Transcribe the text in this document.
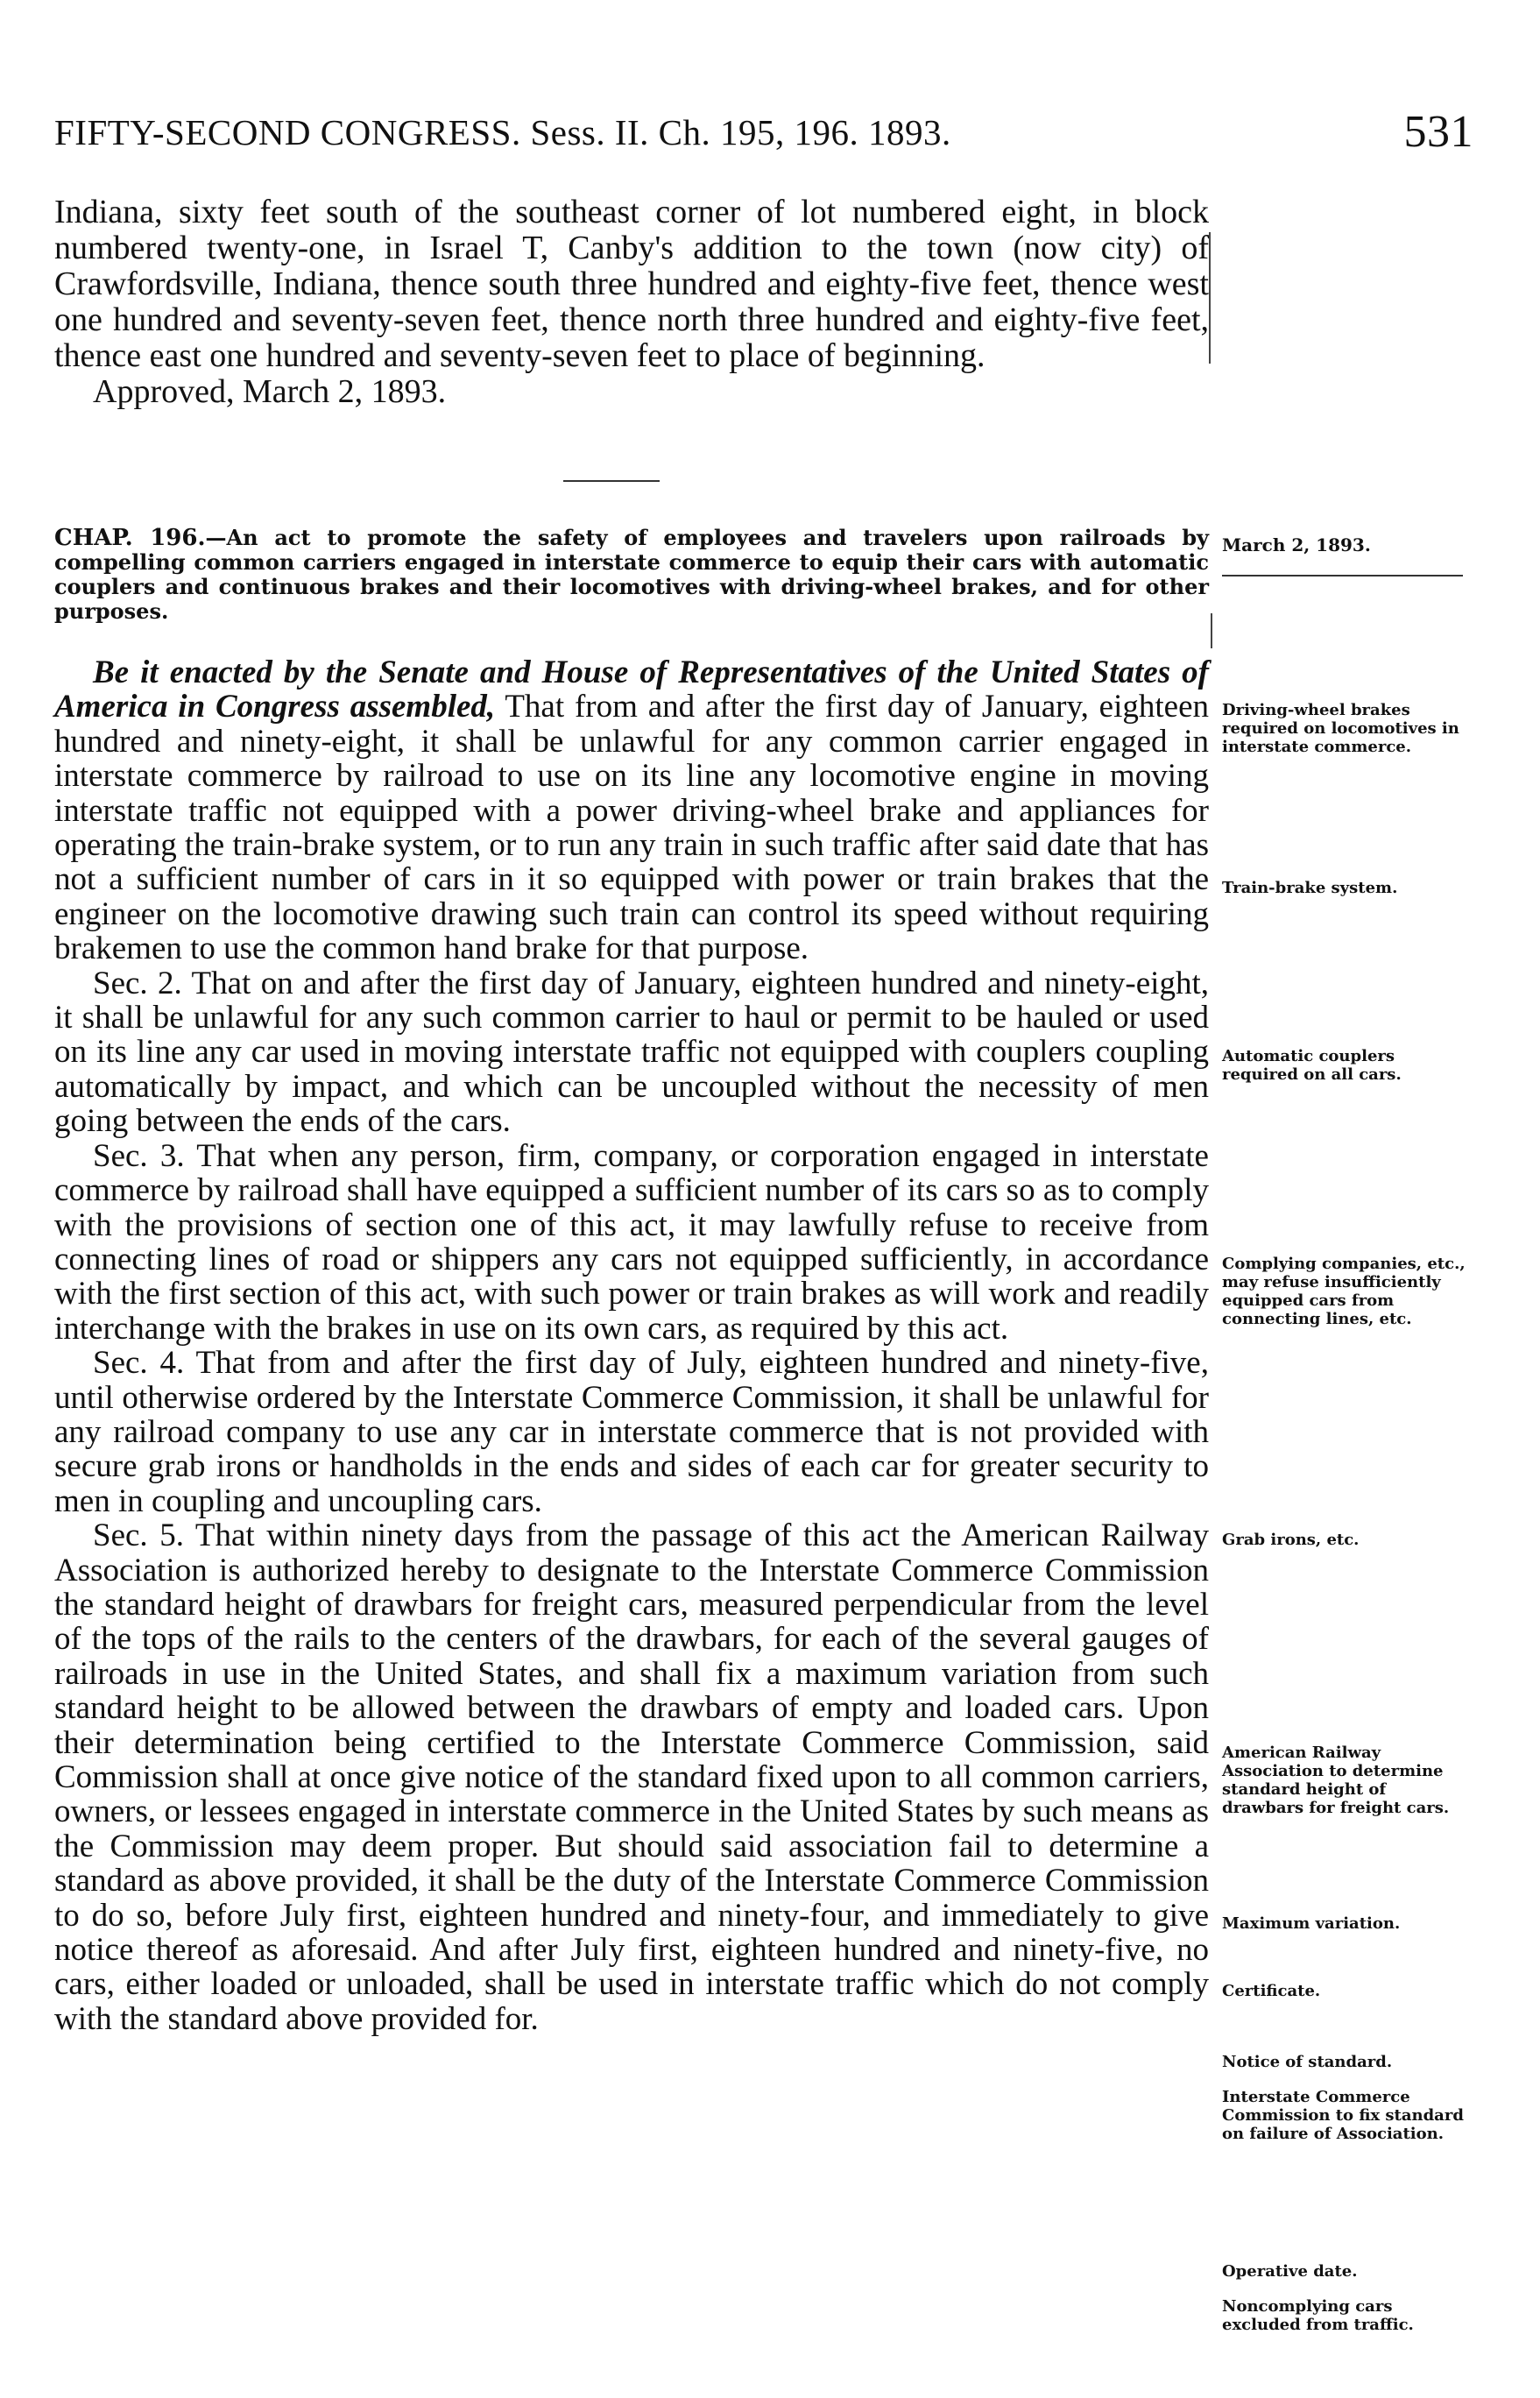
FIFTY-SECOND CONGRESS. Sess. II. Ch. 195, 196. 1893.	531

Indiana, sixty feet south of the southeast corner of lot numbered eight, in block numbered twenty-one, in Israel T, Canby's addition to the town (now city) of Crawfordsville, Indiana, thence south three hundred and eighty-five feet, thence west one hundred and seventy-seven feet, thence north three hundred and eighty-five feet, thence east one hundred and seventy-seven feet to place of beginning.

Approved, March 2, 1893.

CHAP. 196.—An act to promote the safety of employees and travelers upon railroads by compelling common carriers engaged in interstate commerce to equip their cars with automatic couplers and continuous brakes and their locomotives with driving-wheel brakes, and for other purposes.
March 2, 1893.

Be it enacted by the Senate and House of Representatives of the United States of America in Congress assembled, That from and after the first day of January, eighteen hundred and ninety-eight, it shall be unlawful for any common carrier engaged in interstate commerce by railroad to use on its line any locomotive engine in moving interstate traffic not equipped with a power driving-wheel brake and appliances for operating the train-brake system, or to run any train in such traffic after said date that has not a sufficient number of cars in it so equipped with power or train brakes that the engineer on the locomotive drawing such train can control its speed without requiring brakemen to use the common hand brake for that purpose.

Sec. 2. That on and after the first day of January, eighteen hundred and ninety-eight, it shall be unlawful for any such common carrier to haul or permit to be hauled or used on its line any car used in moving interstate traffic not equipped with couplers coupling automatically by impact, and which can be uncoupled without the necessity of men going between the ends of the cars.

Sec. 3. That when any person, firm, company, or corporation engaged in interstate commerce by railroad shall have equipped a sufficient number of its cars so as to comply with the provisions of section one of this act, it may lawfully refuse to receive from connecting lines of road or shippers any cars not equipped sufficiently, in accordance with the first section of this act, with such power or train brakes as will work and readily interchange with the brakes in use on its own cars, as required by this act.

Sec. 4. That from and after the first day of July, eighteen hundred and ninety-five, until otherwise ordered by the Interstate Commerce Commission, it shall be unlawful for any railroad company to use any car in interstate commerce that is not provided with secure grab irons or handholds in the ends and sides of each car for greater security to men in coupling and uncoupling cars.

Sec. 5. That within ninety days from the passage of this act the American Railway Association is authorized hereby to designate to the Interstate Commerce Commission the standard height of drawbars for freight cars, measured perpendicular from the level of the tops of the rails to the centers of the drawbars, for each of the several gauges of railroads in use in the United States, and shall fix a maximum variation from such standard height to be allowed between the drawbars of empty and loaded cars. Upon their determination being certified to the Interstate Commerce Commission, said Commission shall at once give notice of the standard fixed upon to all common carriers, owners, or lessees engaged in interstate commerce in the United States by such means as the Commission may deem proper. But should said association fail to determine a standard as above provided, it shall be the duty of the Interstate Commerce Commission to do so, before July first, eighteen hundred and ninety-four, and immediately to give notice thereof as aforesaid. And after July first, eighteen hundred and ninety-five, no cars, either loaded or unloaded, shall be used in interstate traffic which do not comply with the standard above provided for.

Driving-wheel brakes required on locomotives in interstate commerce.
Train-brake system.
Automatic couplers required on all cars.
Complying companies, etc., may refuse insufficiently equipped cars from connecting lines, etc.
Grab irons, etc.
American Railway Association to determine standard height of drawbars for freight cars.
Maximum variation.
Certificate.
Notice of standard.
Interstate Commerce Commission to fix standard on failure of Association.
Operative date.
Noncomplying cars excluded from traffic.
